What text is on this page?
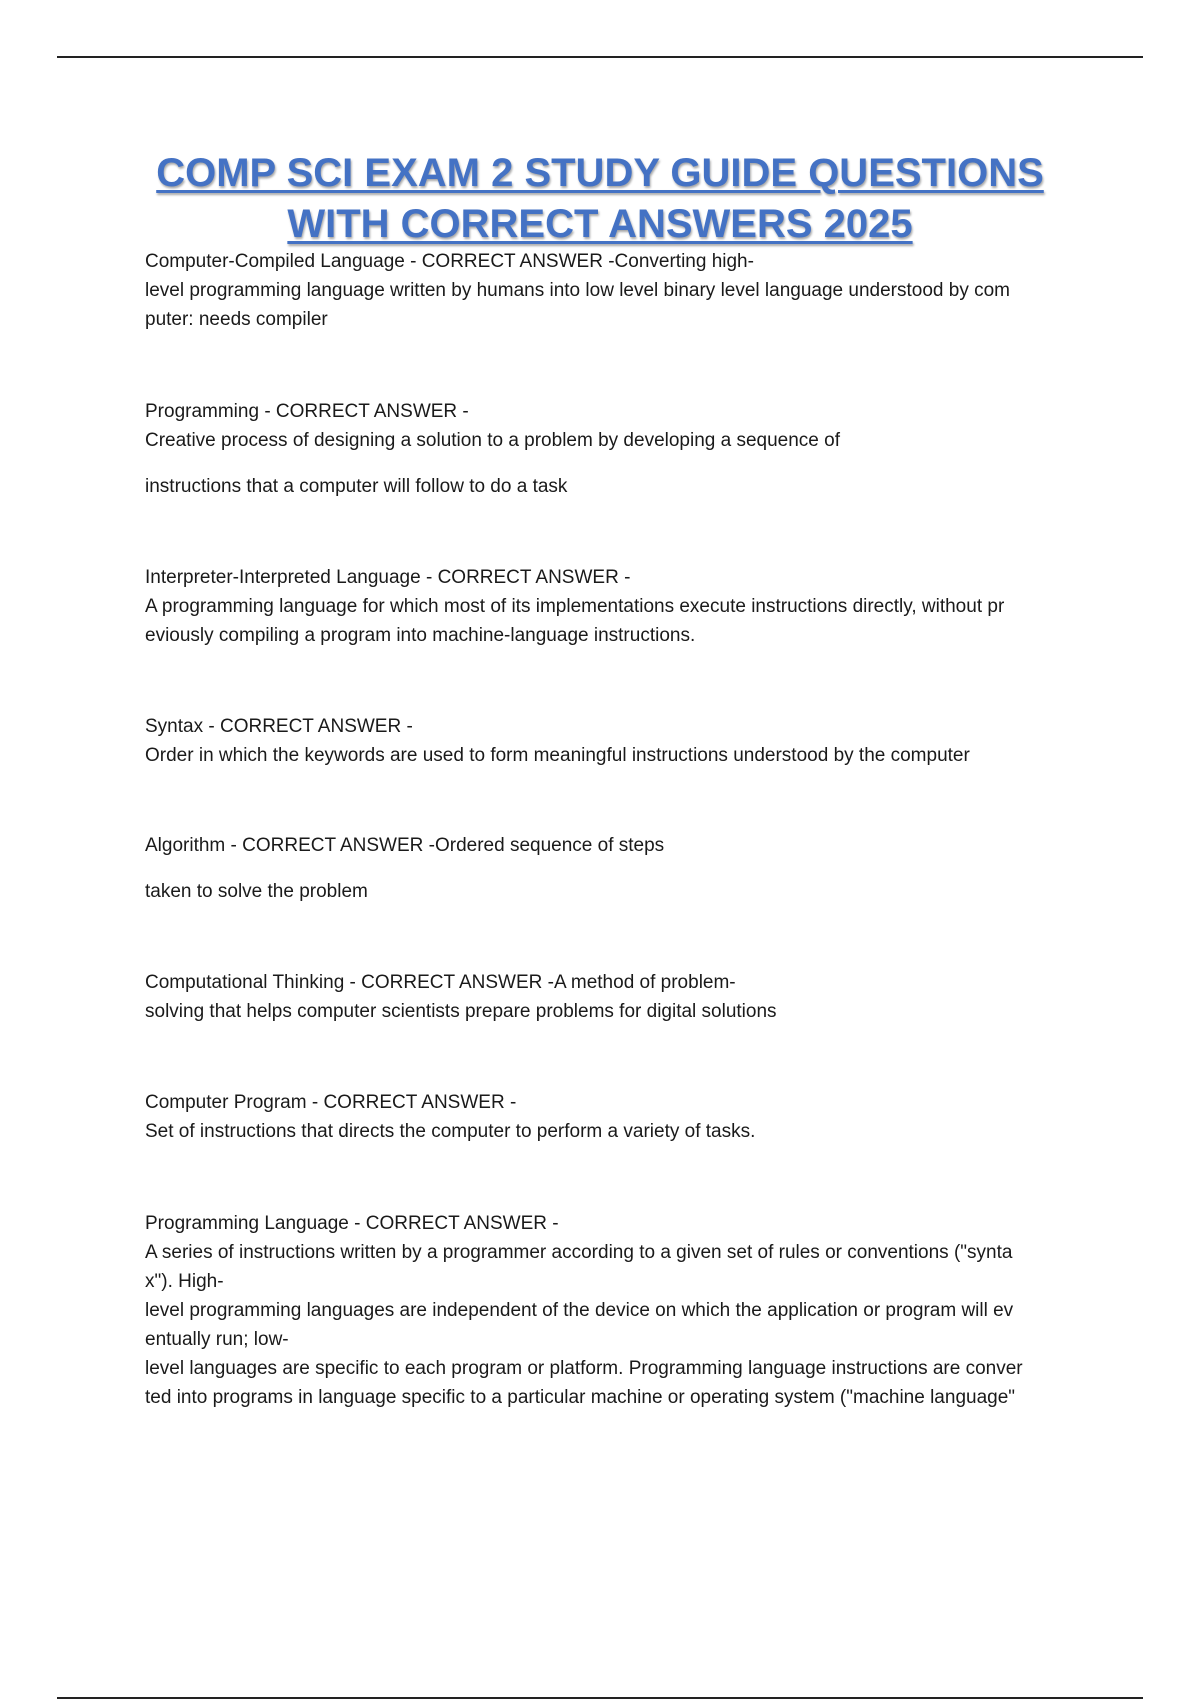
COMP SCI EXAM 2 STUDY GUIDE QUESTIONS
WITH CORRECT ANSWERS 2025

Computer-Compiled Language - CORRECT ANSWER -Converting high-

level programming language written by humans into low level binary level language understood by com

puter: needs compiler

Programming - CORRECT ANSWER -

Creative process of designing a solution to a problem by developing a sequence of

instructions that a computer will follow to do a task

Interpreter-Interpreted Language - CORRECT ANSWER -

A programming language for which most of its implementations execute instructions directly, without pr

eviously compiling a program into machine-language instructions.

Syntax - CORRECT ANSWER -

Order in which the keywords are used to form meaningful instructions understood by the computer

Algorithm - CORRECT ANSWER -Ordered sequence of steps

taken to solve the problem

Computational Thinking - CORRECT ANSWER -A method of problem-

solving that helps computer scientists prepare problems for digital solutions

Computer Program - CORRECT ANSWER -

Set of instructions that directs the computer to perform a variety of tasks.

Programming Language - CORRECT ANSWER -

A series of instructions written by a programmer according to a given set of rules or conventions ("synta

x"). High-

level programming languages are independent of the device on which the application or program will ev

entually run; low-

level languages are specific to each program or platform. Programming language instructions are conver

ted into programs in language specific to a particular machine or operating system ("machine language"
